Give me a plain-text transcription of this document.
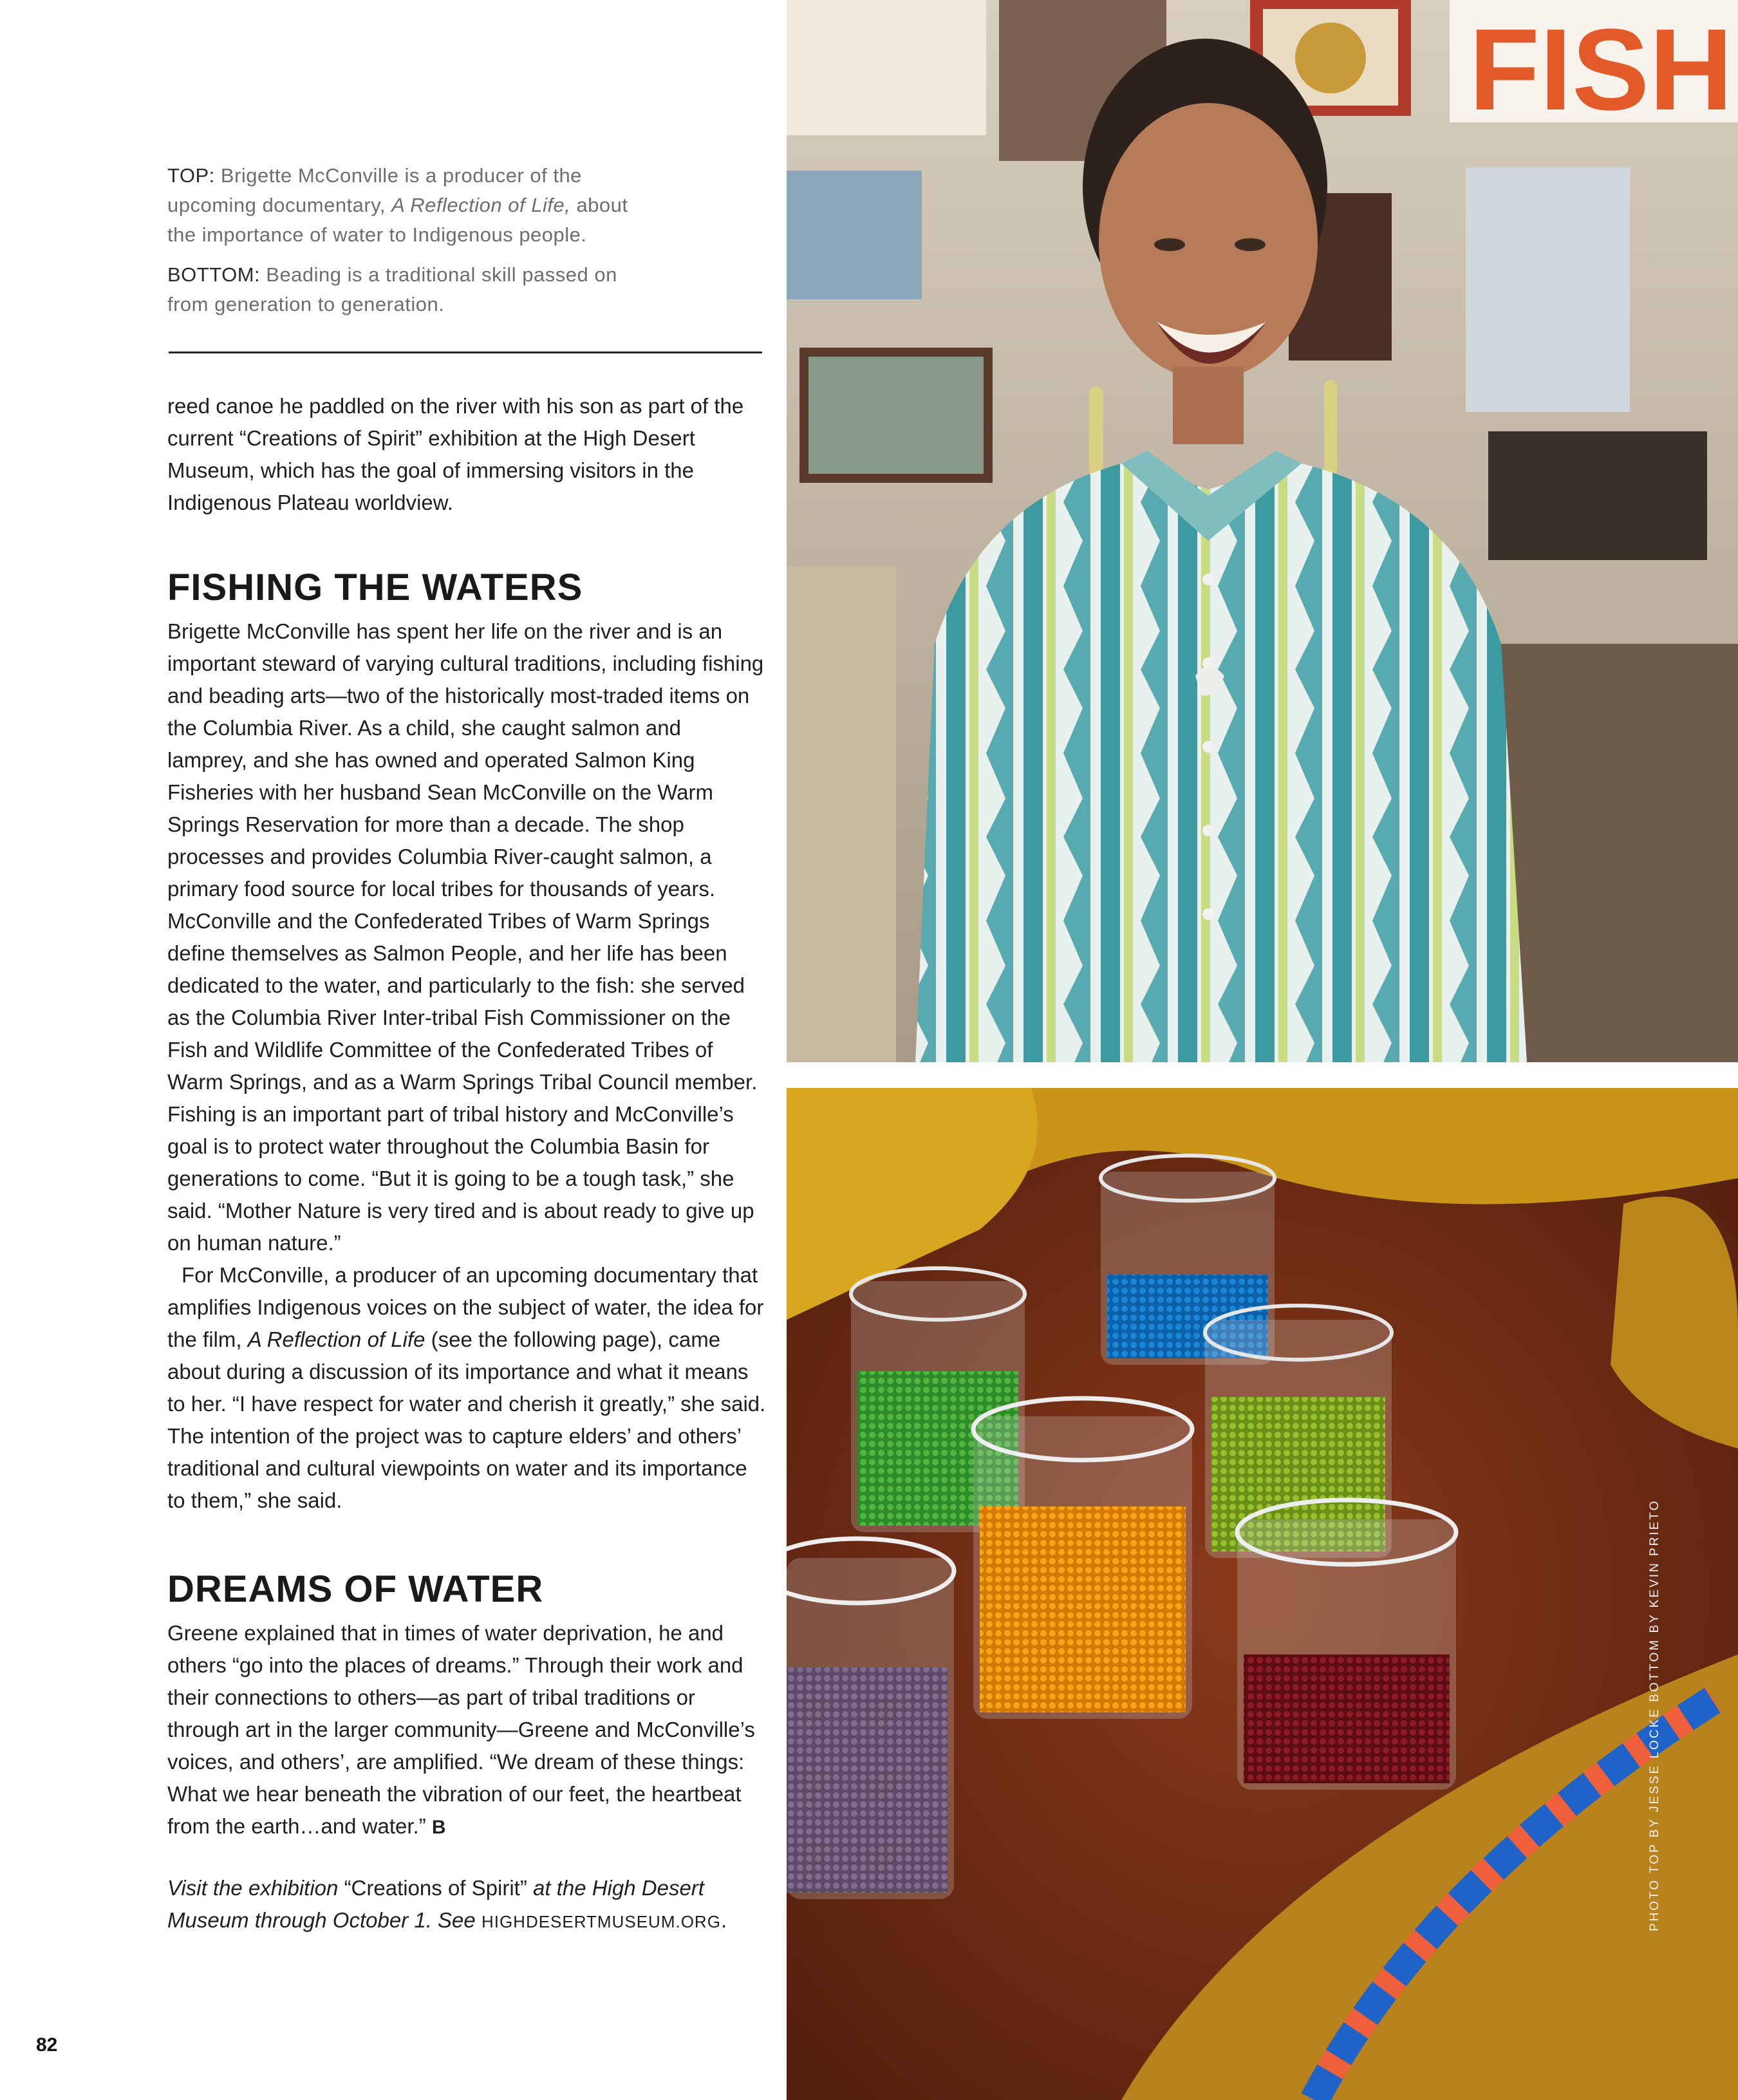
TOP: Brigette McConville is a producer of the upcoming documentary, A Reflection of Life, about the importance of water to Indigenous people.

BOTTOM: Beading is a traditional skill passed on from generation to generation.

reed canoe he paddled on the river with his son as part of the current “Creations of Spirit” exhibition at the High Desert Museum, which has the goal of immersing visitors in the Indigenous Plateau worldview.

FISHING THE WATERS

Brigette McConville has spent her life on the river and is an important steward of varying cultural traditions, including fishing and beading arts—two of the historically most-traded items on the Columbia River. As a child, she caught salmon and lamprey, and she has owned and operated Salmon King Fisheries with her husband Sean McConville on the Warm Springs Reservation for more than a decade. The shop processes and provides Columbia River-caught salmon, a primary food source for local tribes for thousands of years. McConville and the Confederated Tribes of Warm Springs define themselves as Salmon People, and her life has been dedicated to the water, and particularly to the fish: she served as the Columbia River Inter-tribal Fish Commissioner on the Fish and Wildlife Committee of the Confederated Tribes of Warm Springs, and as a Warm Springs Tribal Council member. Fishing is an important part of tribal history and McConville’s goal is to protect water throughout the Columbia Basin for generations to come. “But it is going to be a tough task,” she said. “Mother Nature is very tired and is about ready to give up on human nature.”

For McConville, a producer of an upcoming documentary that amplifies Indigenous voices on the subject of water, the idea for the film, A Reflection of Life (see the following page), came about during a discussion of its importance and what it means to her. “I have respect for water and cherish it greatly,” she said. The intention of the project was to capture elders’ and others’ traditional and cultural viewpoints on water and its importance to them,” she said.

DREAMS OF WATER

Greene explained that in times of water deprivation, he and others “go into the places of dreams.” Through their work and their connections to others—as part of tribal traditions or through art in the larger community—Greene and McConville’s voices, and others’, are amplified. “We dream of these things: What we hear beneath the vibration of our feet, the heartbeat from the earth…and water.” B

Visit the exhibition “Creations of Spirit” at the High Desert Museum through October 1. See HIGHDESERTMUSEUM.ORG.
82
FISH
PHOTO TOP BY JESSE LOCKE BOTTOM BY KEVIN PRIETO
